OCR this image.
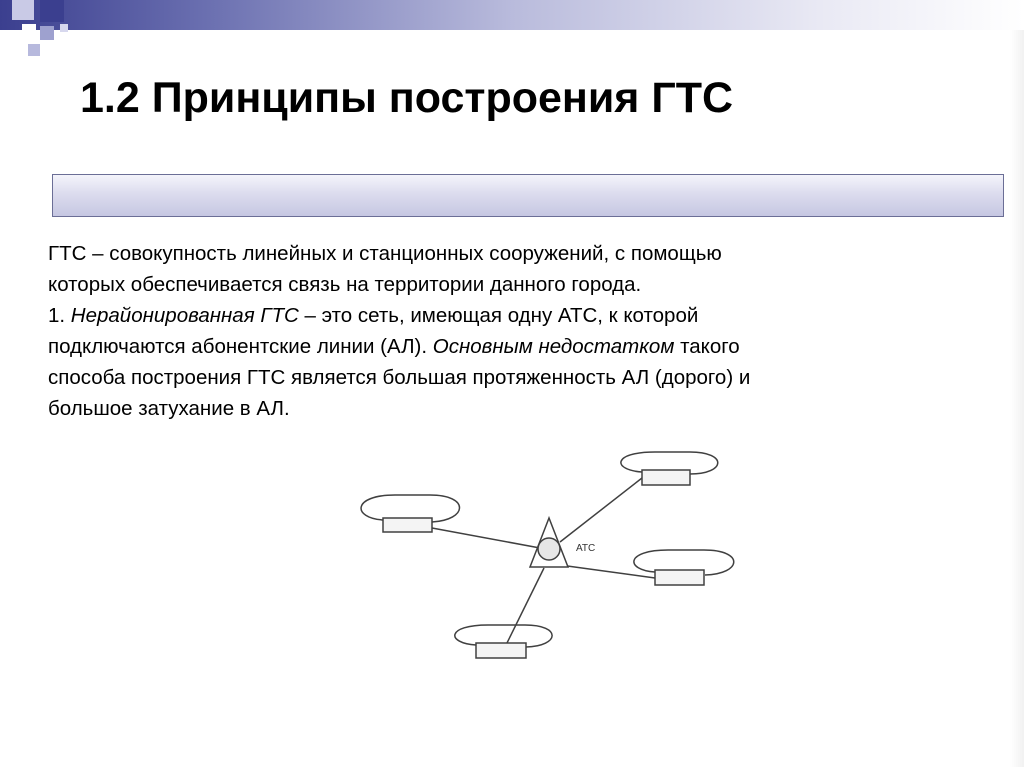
1.2 Принципы построения ГТС

ГТС – совокупность линейных и станционных сооружений, с помощью

которых обеспечивается связь на территории данного города.

1. Нерайонированная ГТС – это сеть, имеющая одну АТС, к которой

подключаются абонентские линии (АЛ). Основным недостатком такого

способа построения ГТС является большая протяженность АЛ (дорого) и

большое затухание в АЛ.

АТС
